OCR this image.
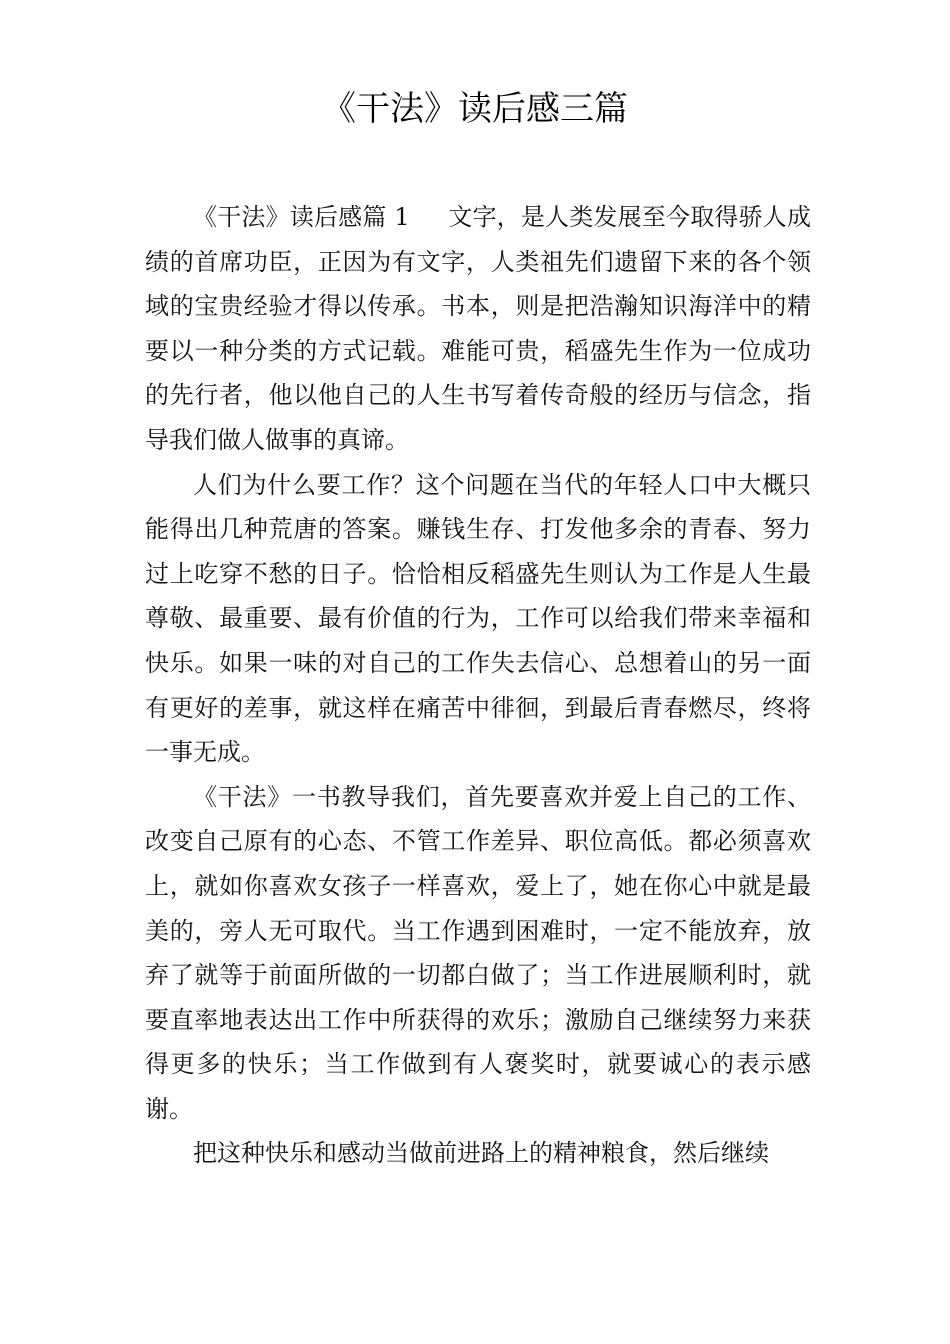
《干法》读后感三篇

《干法》读后感篇 1 文字，是人类发展至今取得骄人成绩的首席功臣，正因为有文字，人类祖先们遗留下来的各个领域的宝贵经验才得以传承。书本，则是把浩瀚知识海洋中的精要以一种分类的方式记载。难能可贵，稻盛先生作为一位成功的先行者，他以他自己的人生书写着传奇般的经历与信念，指导我们做人做事的真谛。

人们为什么要工作？这个问题在当代的年轻人口中大概只能得出几种荒唐的答案。赚钱生存、打发他多余的青春、努力过上吃穿不愁的日子。恰恰相反稻盛先生则认为工作是人生最尊敬、最重要、最有价值的行为，工作可以给我们带来幸福和快乐。如果一味的对自己的工作失去信心、总想着山的另一面有更好的差事，就这样在痛苦中徘徊，到最后青春燃尽，终将一事无成。

《干法》一书教导我们，首先要喜欢并爱上自己的工作、改变自己原有的心态、不管工作差异、职位高低。都必须喜欢上，就如你喜欢女孩子一样喜欢，爱上了，她在你心中就是最美的，旁人无可取代。当工作遇到困难时，一定不能放弃，放弃了就等于前面所做的一切都白做了；当工作进展顺利时，就要直率地表达出工作中所获得的欢乐；激励自己继续努力来获得更多的快乐；当工作做到有人褒奖时，就要诚心的表示感谢。

把这种快乐和感动当做前进路上的精神粮食，然后继续
